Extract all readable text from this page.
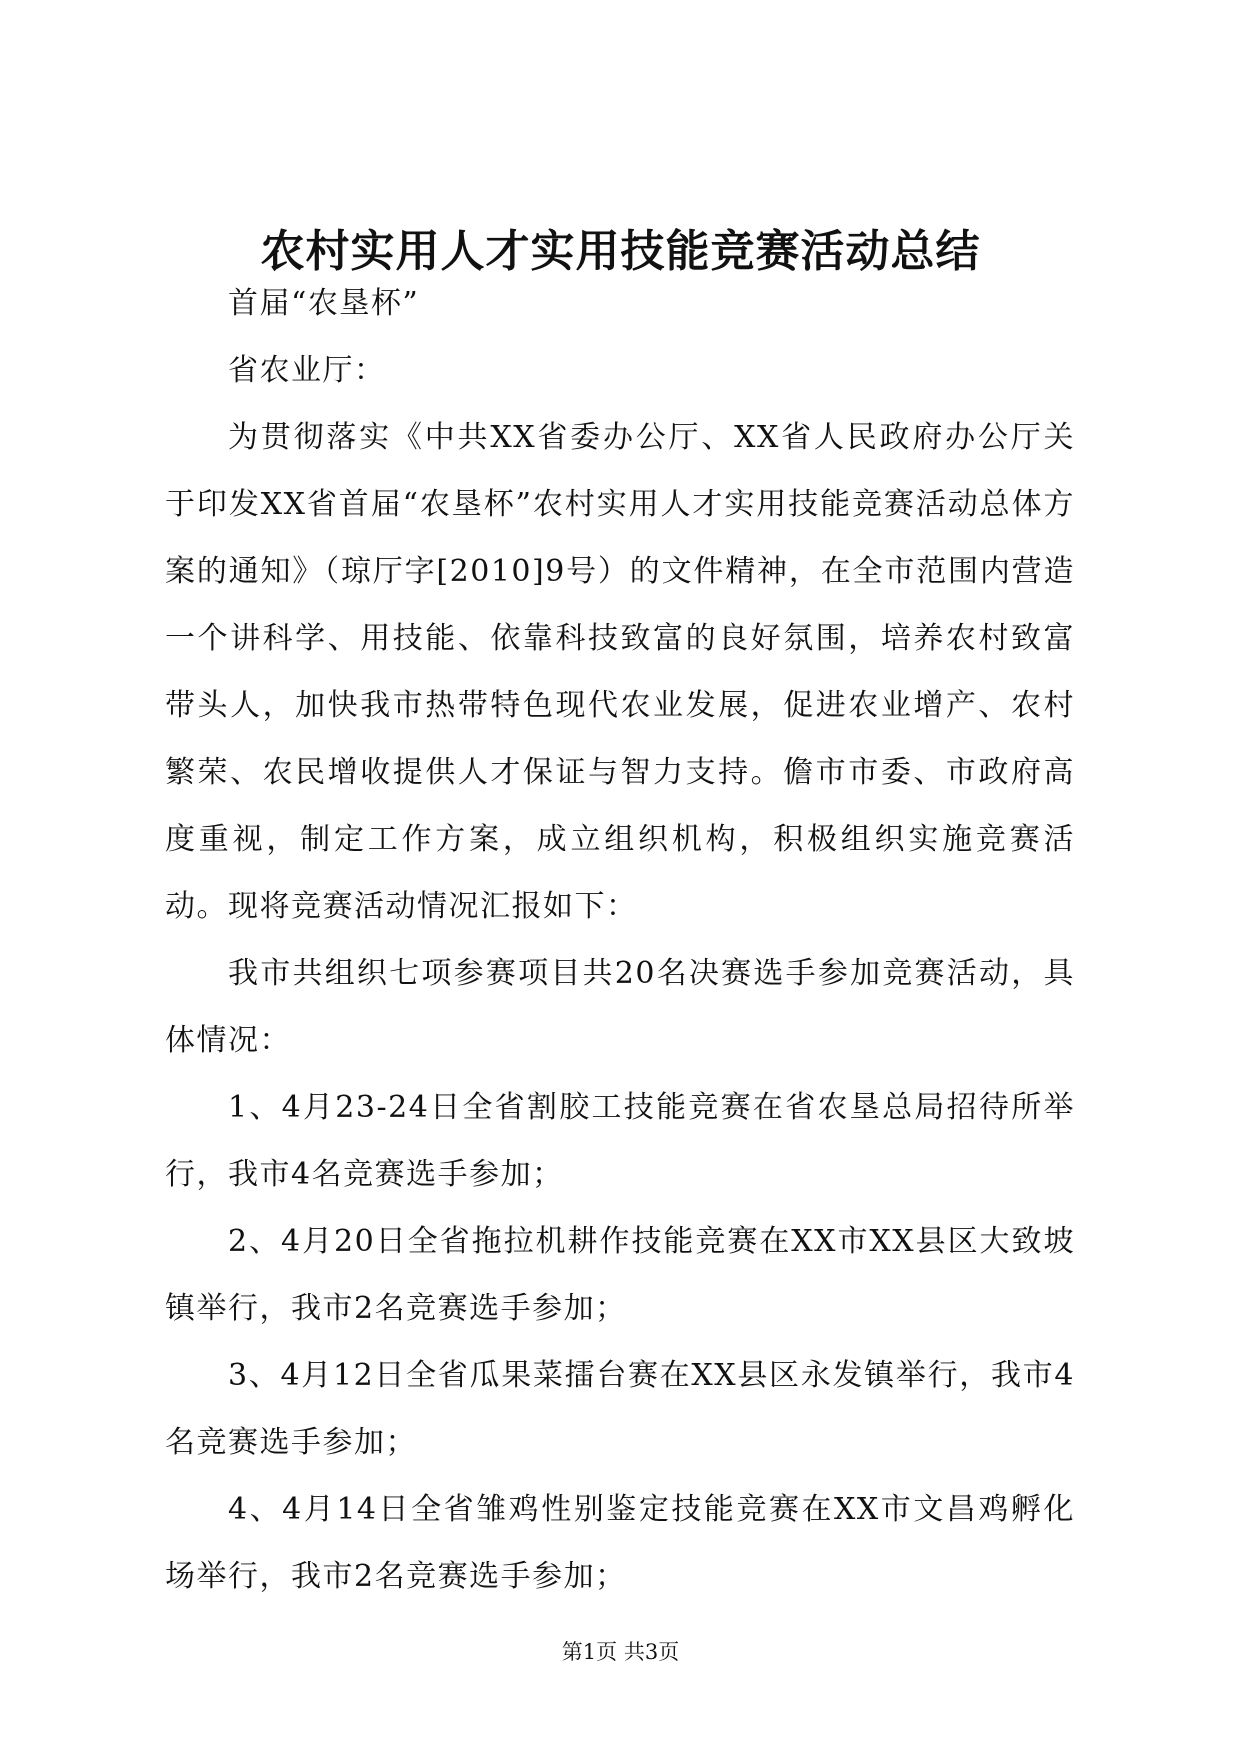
农村实用人才实用技能竞赛活动总结

首届“农垦杯”

省农业厅：

为贯彻落实《中共XX省委办公厅、XX省人民政府办公厅关于印发XX省首届“农垦杯”农村实用人才实用技能竞赛活动总体方案的通知》（琼厅字[2010]9号）的文件精神，在全市范围内营造一个讲科学、用技能、依靠科技致富的良好氛围，培养农村致富带头人，加快我市热带特色现代农业发展，促进农业增产、农村繁荣、农民增收提供人才保证与智力支持。儋市市委、市政府高度重视，制定工作方案，成立组织机构，积极组织实施竞赛活动。现将竞赛活动情况汇报如下：

我市共组织七项参赛项目共20名决赛选手参加竞赛活动，具体情况：

1、4月23-24日全省割胶工技能竞赛在省农垦总局招待所举行，我市4名竞赛选手参加；

2、4月20日全省拖拉机耕作技能竞赛在XX市XX县区大致坡镇举行，我市2名竞赛选手参加；

3、4月12日全省瓜果菜擂台赛在XX县区永发镇举行，我市4名竞赛选手参加；

4、4月14日全省雏鸡性别鉴定技能竞赛在XX市文昌鸡孵化场举行，我市2名竞赛选手参加；

第1页 共3页
